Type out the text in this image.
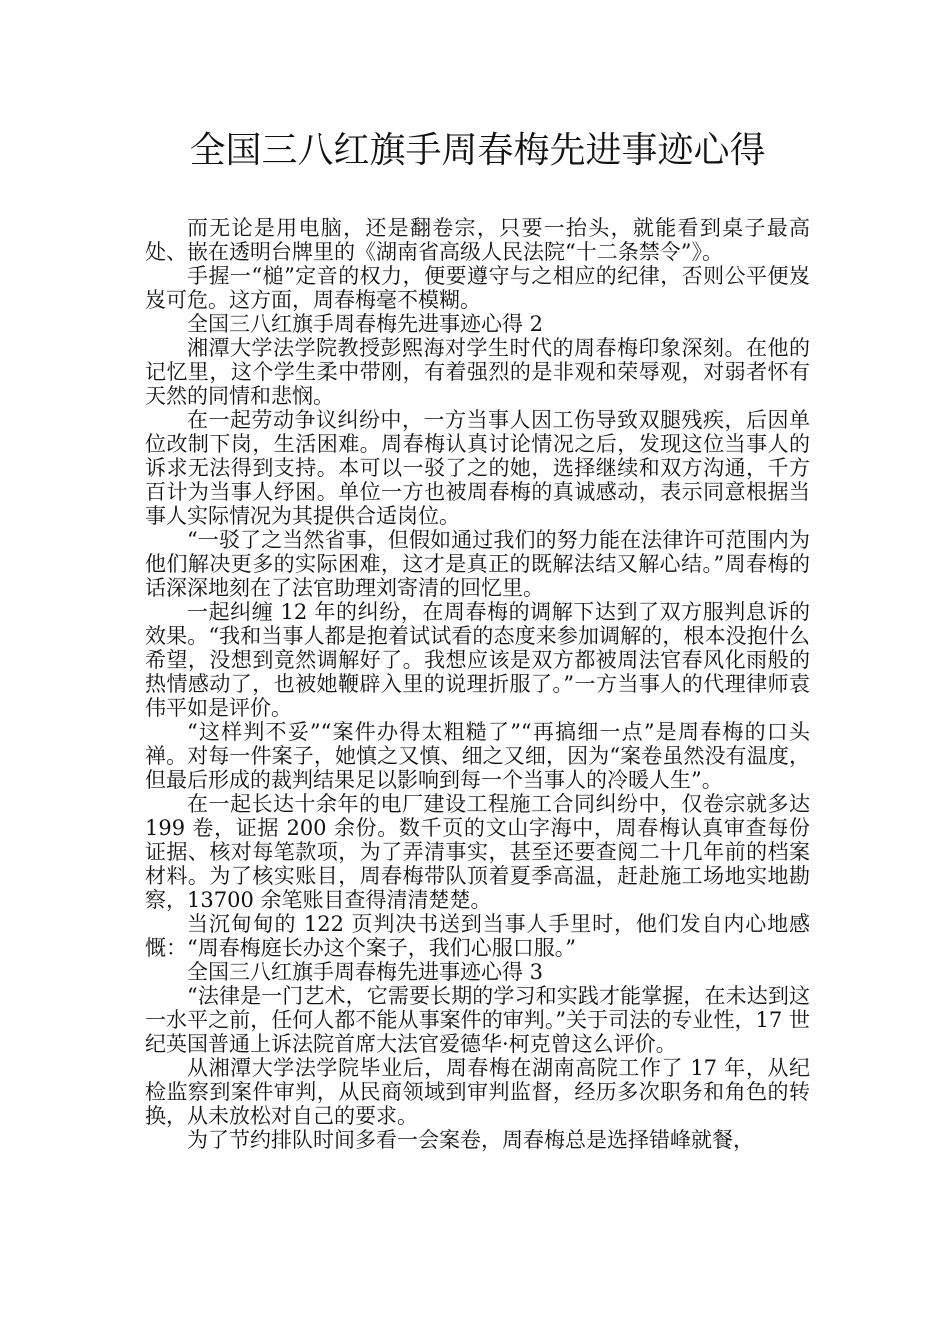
全国三八红旗手周春梅先进事迹心得

而无论是用电脑，还是翻卷宗，只要一抬头，就能看到桌子最高处、嵌在透明台牌里的《湖南省高级人民法院“十二条禁令”》。

手握一“槌”定音的权力，便要遵守与之相应的纪律，否则公平便岌岌可危。这方面，周春梅毫不模糊。

全国三八红旗手周春梅先进事迹心得 2

湘潭大学法学院教授彭熙海对学生时代的周春梅印象深刻。在他的记忆里，这个学生柔中带刚，有着强烈的是非观和荣辱观，对弱者怀有天然的同情和悲悯。

在一起劳动争议纠纷中，一方当事人因工伤导致双腿残疾，后因单位改制下岗，生活困难。周春梅认真讨论情况之后，发现这位当事人的诉求无法得到支持。本可以一驳了之的她，选择继续和双方沟通，千方百计为当事人纾困。单位一方也被周春梅的真诚感动，表示同意根据当事人实际情况为其提供合适岗位。

“一驳了之当然省事，但假如通过我们的努力能在法律许可范围内为他们解决更多的实际困难，这才是真正的既解法结又解心结。”周春梅的话深深地刻在了法官助理刘寄清的回忆里。

一起纠缠 12 年的纠纷，在周春梅的调解下达到了双方服判息诉的效果。“我和当事人都是抱着试试看的态度来参加调解的，根本没抱什么希望，没想到竟然调解好了。我想应该是双方都被周法官春风化雨般的热情感动了，也被她鞭辟入里的说理折服了。”一方当事人的代理律师袁伟平如是评价。

“这样判不妥”“案件办得太粗糙了”“再搞细一点”是周春梅的口头禅。对每一件案子，她慎之又慎、细之又细，因为“案卷虽然没有温度，但最后形成的裁判结果足以影响到每一个当事人的冷暖人生”。

在一起长达十余年的电厂建设工程施工合同纠纷中，仅卷宗就多达 199 卷，证据 200 余份。数千页的文山字海中，周春梅认真审查每份证据、核对每笔款项，为了弄清事实，甚至还要查阅二十几年前的档案材料。为了核实账目，周春梅带队顶着夏季高温，赶赴施工场地实地勘察，13700 余笔账目查得清清楚楚。

当沉甸甸的 122 页判决书送到当事人手里时，他们发自内心地感慨：“周春梅庭长办这个案子，我们心服口服。”

全国三八红旗手周春梅先进事迹心得 3

“法律是一门艺术，它需要长期的学习和实践才能掌握，在未达到这一水平之前，任何人都不能从事案件的审判。”关于司法的专业性，17 世纪英国普通上诉法院首席大法官爱德华·柯克曾这么评价。

从湘潭大学法学院毕业后，周春梅在湖南高院工作了 17 年，从纪检监察到案件审判，从民商领域到审判监督，经历多次职务和角色的转换，从未放松对自己的要求。

为了节约排队时间多看一会案卷，周春梅总是选择错峰就餐，
